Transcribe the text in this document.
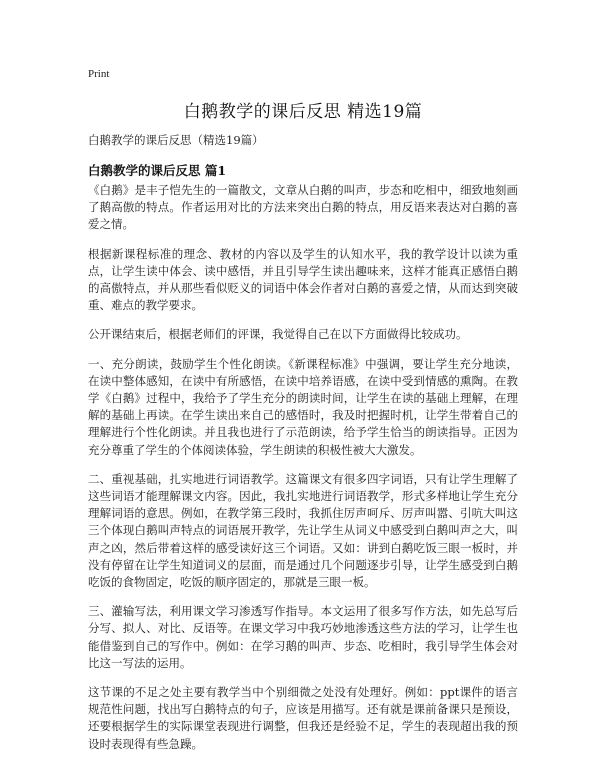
Print
白鹅教学的课后反思 精选19篇
白鹅教学的课后反思（精选19篇）
白鹅教学的课后反思 篇1

《白鹅》是丰子恺先生的一篇散文，文章从白鹅的叫声，步态和吃相中，细致地刻画了鹅高傲的特点。作者运用对比的方法来突出白鹅的特点，用反语来表达对白鹅的喜爱之情。

根据新课程标准的理念、教材的内容以及学生的认知水平，我的教学设计以读为重点，让学生读中体会、读中感悟，并且引导学生读出趣味来，这样才能真正感悟白鹅的高傲特点，并从那些看似贬义的词语中体会作者对白鹅的喜爱之情，从而达到突破重、难点的教学要求。

公开课结束后，根据老师们的评课，我觉得自己在以下方面做得比较成功。

一、充分朗读，鼓励学生个性化朗读。《新课程标准》中强调，要让学生充分地读，在读中整体感知，在读中有所感悟，在读中培养语感，在读中受到情感的熏陶。在教学《白鹅》过程中，我给予了学生充分的朗读时间，让学生在读的基础上理解，在理解的基础上再读。在学生读出来自己的感悟时，我及时把握时机，让学生带着自己的理解进行个性化朗读。并且我也进行了示范朗读，给予学生恰当的朗读指导。正因为充分尊重了学生的个体阅读体验，学生朗读的积极性被大大激发。

二、重视基础，扎实地进行词语教学。这篇课文有很多四字词语，只有让学生理解了这些词语才能理解课文内容。因此，我扎实地进行词语教学，形式多样地让学生充分理解词语的意思。例如，在教学第三段时，我抓住厉声呵斥、厉声叫嚣、引吭大叫这三个体现白鹅叫声特点的词语展开教学，先让学生从词义中感受到白鹅叫声之大，叫声之凶，然后带着这样的感受读好这三个词语。又如：讲到白鹅吃饭三眼一板时，并没有停留在让学生知道词义的层面，而是通过几个问题逐步引导，让学生感受到白鹅吃饭的食物固定，吃饭的顺序固定的，那就是三眼一板。

三、灌输写法，利用课文学习渗透写作指导。本文运用了很多写作方法，如先总写后分写、拟人、对比、反语等。在课文学习中我巧妙地渗透这些方法的学习，让学生也能借鉴到自己的写作中。例如：在学习鹅的叫声、步态、吃相时，我引导学生体会对比这一写法的运用。

这节课的不足之处主要有教学当中个别细微之处没有处理好。例如：ppt课件的语言规范性问题，找出写白鹅特点的句子，应该是用描写。还有就是课前备课只是预设，还要根据学生的实际课堂表现进行调整，但我还是经验不足，学生的表现超出我的预设时表现得有些急躁。
